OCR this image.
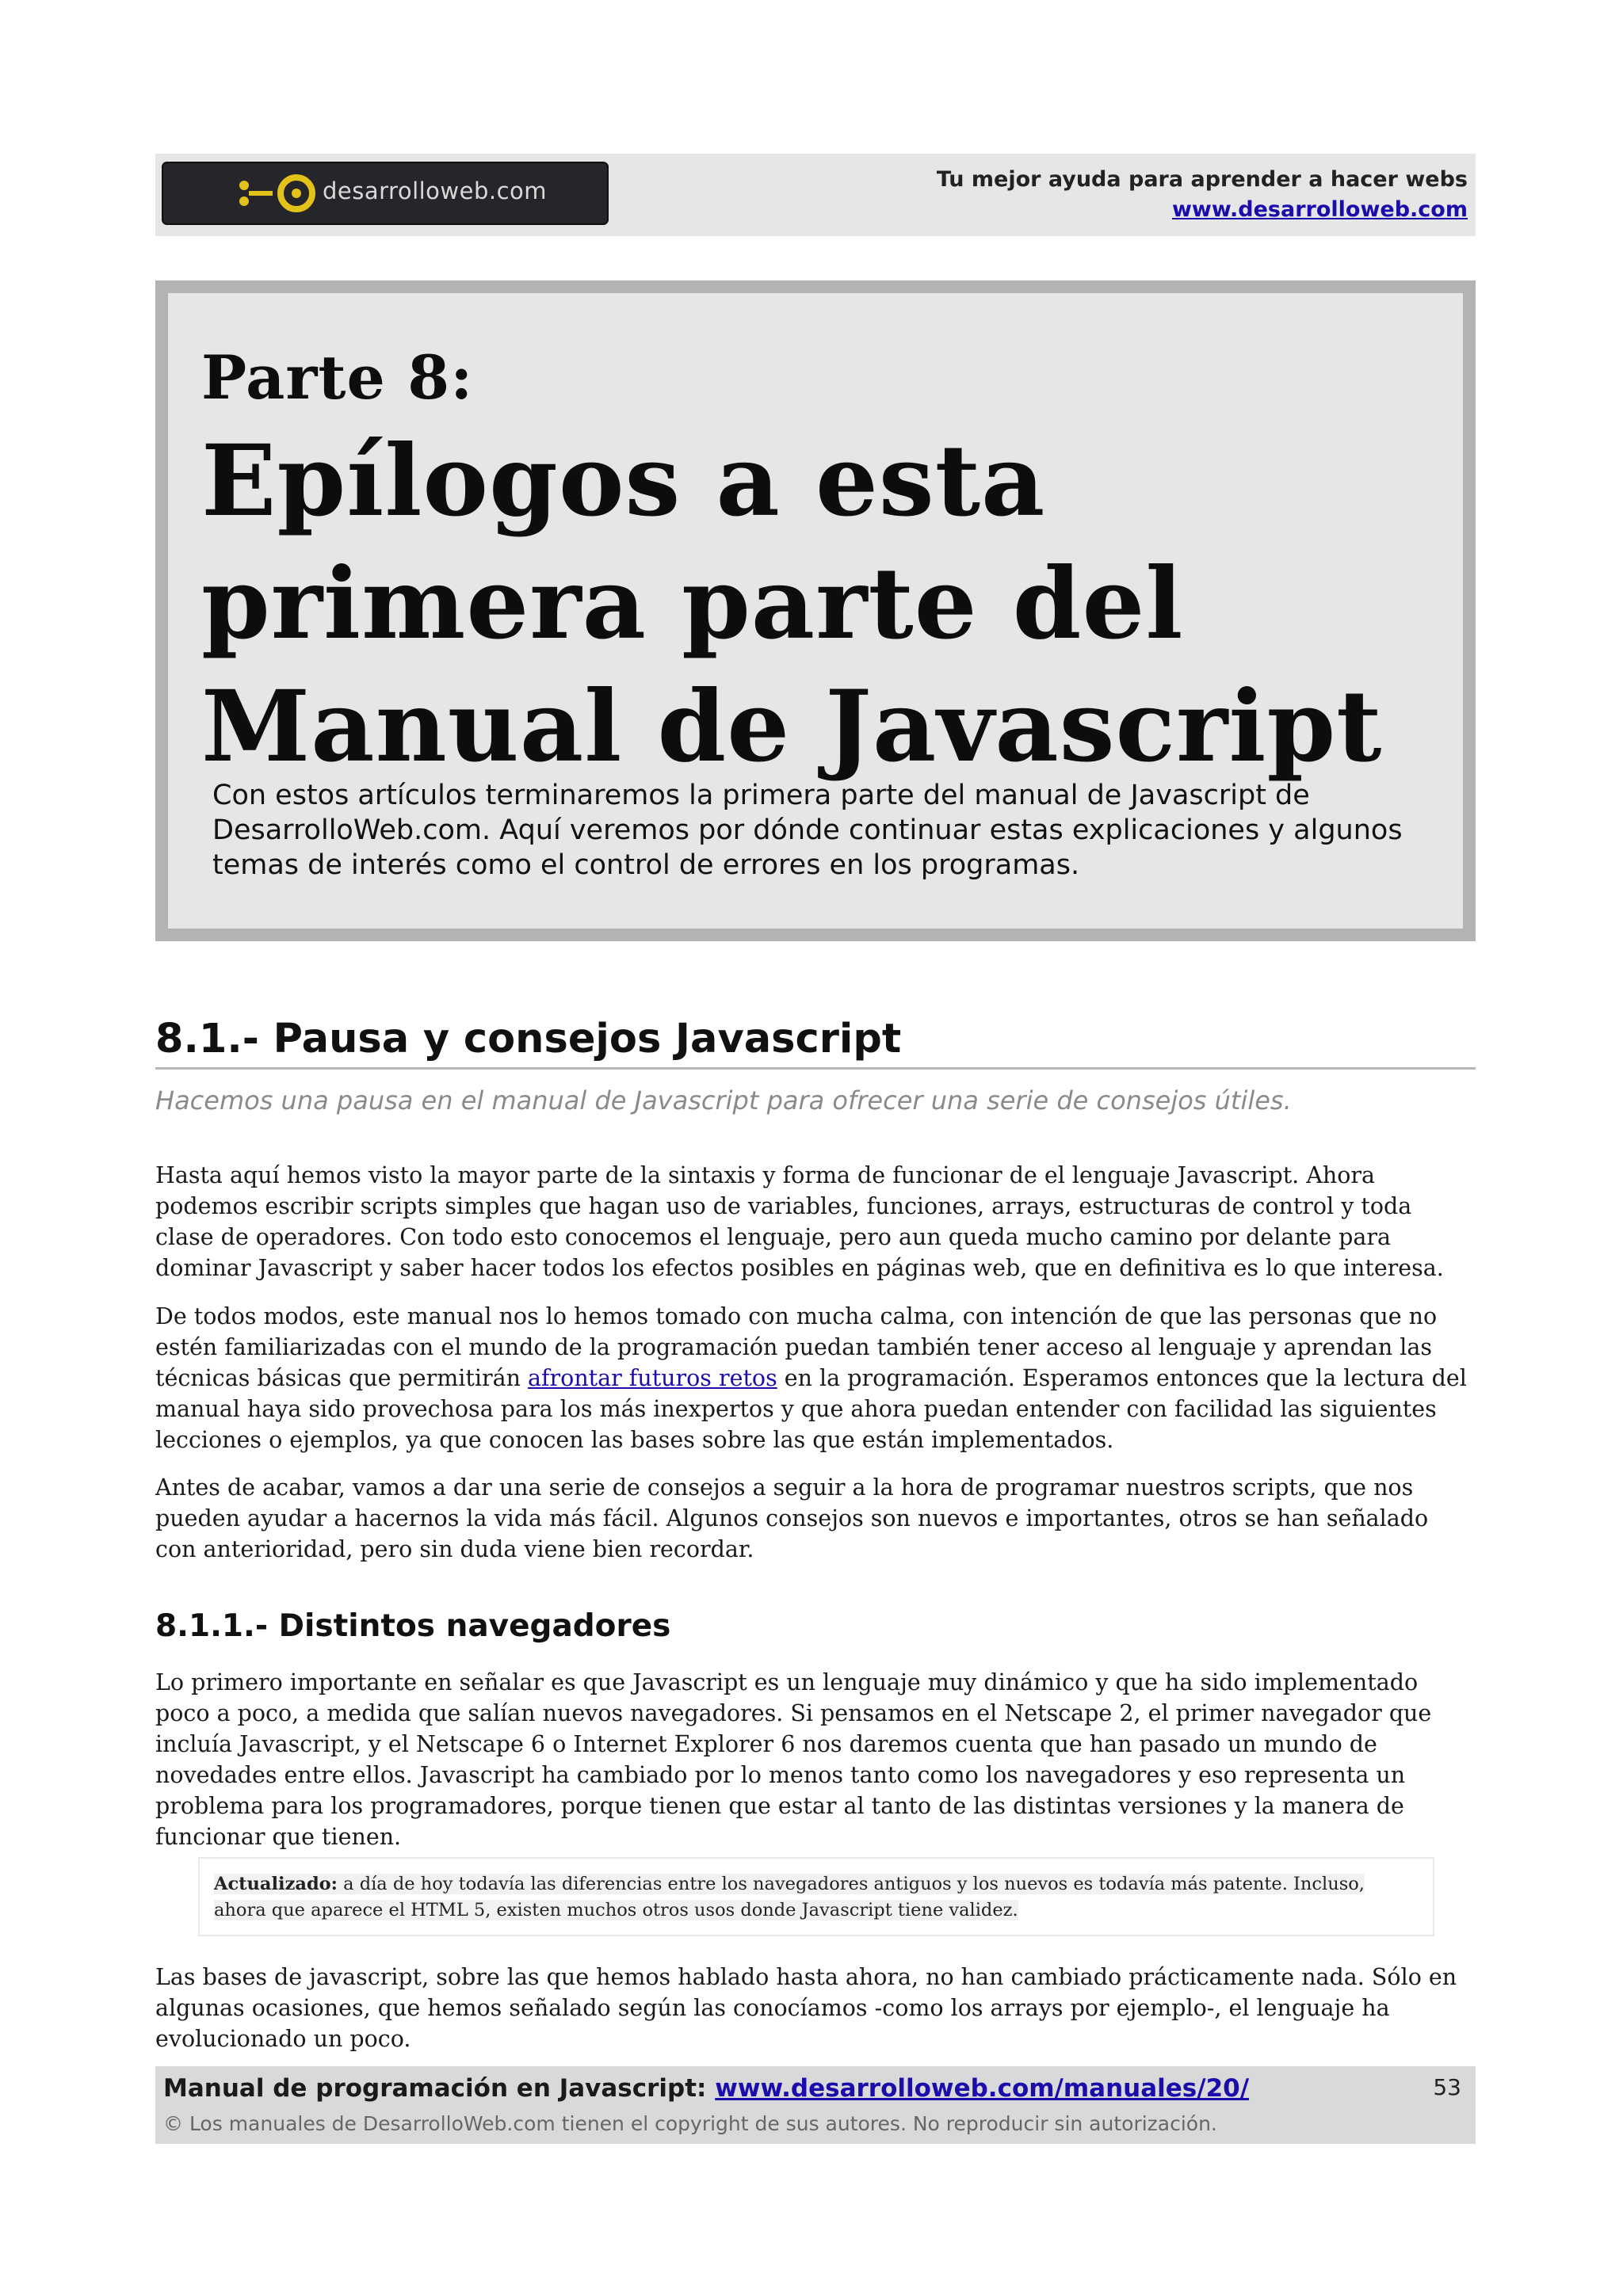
desarrolloweb.com	Tu mejor ayuda para aprender a hacer webs
www.desarrolloweb.com
Parte 8:
Epílogos a esta primera parte del Manual de Javascript

Con estos artículos terminaremos la primera parte del manual de Javascript de DesarrolloWeb.com. Aquí veremos por dónde continuar estas explicaciones y algunos temas de interés como el control de errores en los programas.

8.1.- Pausa y consejos Javascript

Hacemos una pausa en el manual de Javascript para ofrecer una serie de consejos útiles.

Hasta aquí hemos visto la mayor parte de la sintaxis y forma de funcionar de el lenguaje Javascript. Ahora podemos escribir scripts simples que hagan uso de variables, funciones, arrays, estructuras de control y toda clase de operadores. Con todo esto conocemos el lenguaje, pero aun queda mucho camino por delante para dominar Javascript y saber hacer todos los efectos posibles en páginas web, que en definitiva es lo que interesa.

De todos modos, este manual nos lo hemos tomado con mucha calma, con intención de que las personas que no estén familiarizadas con el mundo de la programación puedan también tener acceso al lenguaje y aprendan las técnicas básicas que permitirán afrontar futuros retos en la programación. Esperamos entonces que la lectura del manual haya sido provechosa para los más inexpertos y que ahora puedan entender con facilidad las siguientes lecciones o ejemplos, ya que conocen las bases sobre las que están implementados.

Antes de acabar, vamos a dar una serie de consejos a seguir a la hora de programar nuestros scripts, que nos pueden ayudar a hacernos la vida más fácil. Algunos consejos son nuevos e importantes, otros se han señalado con anterioridad, pero sin duda viene bien recordar.

8.1.1.- Distintos navegadores

Lo primero importante en señalar es que Javascript es un lenguaje muy dinámico y que ha sido implementado poco a poco, a medida que salían nuevos navegadores. Si pensamos en el Netscape 2, el primer navegador que incluía Javascript, y el Netscape 6 o Internet Explorer 6 nos daremos cuenta que han pasado un mundo de novedades entre ellos. Javascript ha cambiado por lo menos tanto como los navegadores y eso representa un problema para los programadores, porque tienen que estar al tanto de las distintas versiones y la manera de funcionar que tienen.

Actualizado: a día de hoy todavía las diferencias entre los navegadores antiguos y los nuevos es todavía más patente. Incluso, ahora que aparece el HTML 5, existen muchos otros usos donde Javascript tiene validez.

Las bases de javascript, sobre las que hemos hablado hasta ahora, no han cambiado prácticamente nada. Sólo en algunas ocasiones, que hemos señalado según las conocíamos -como los arrays por ejemplo-, el lenguaje ha evolucionado un poco.

Manual de programación en Javascript: www.desarrolloweb.com/manuales/20/
© Los manuales de DesarrolloWeb.com tienen el copyright de sus autores. No reproducir sin autorización.
53
